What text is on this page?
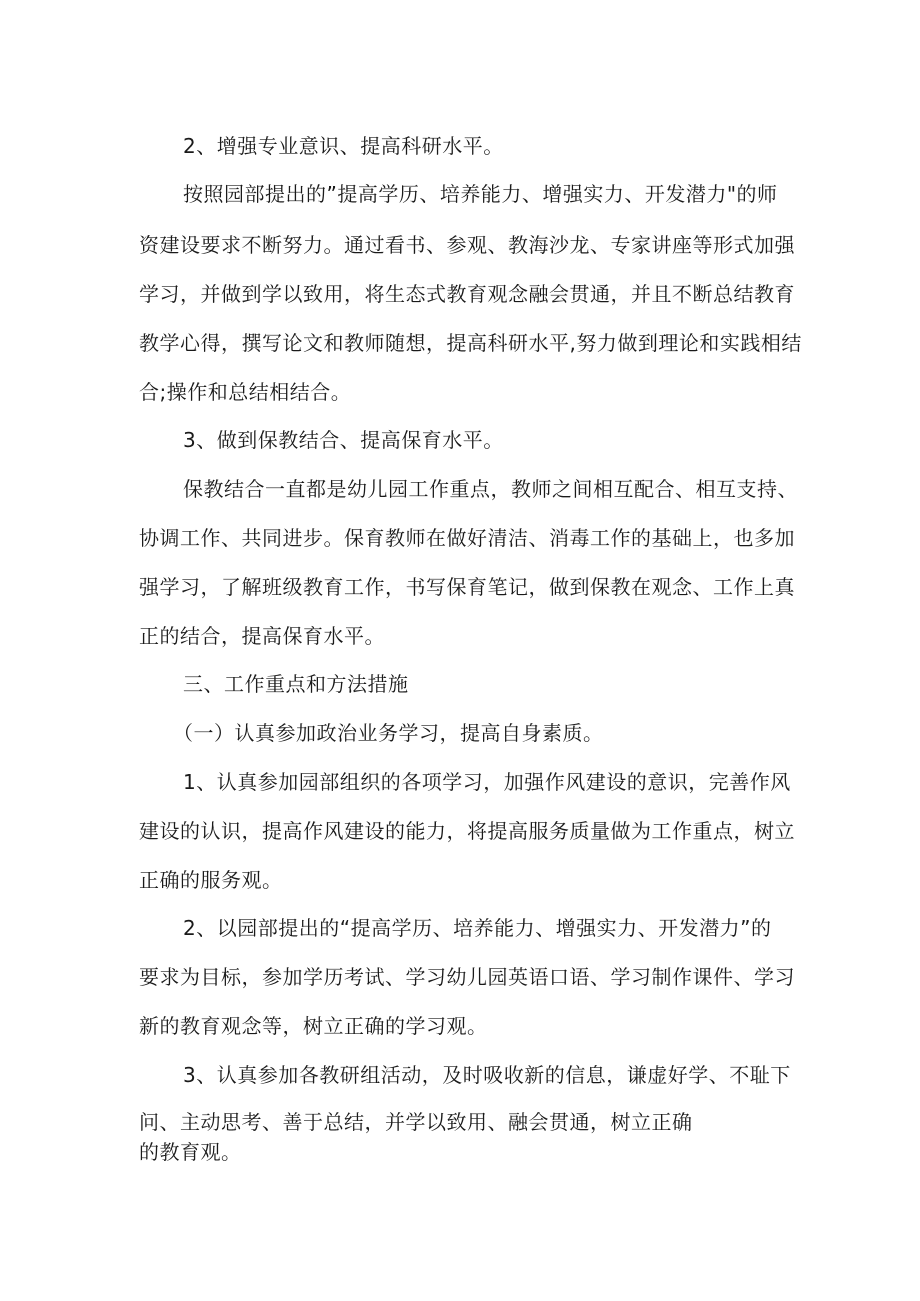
2、增强专业意识、提高科研水平。

按照园部提出的”提高学历、培养能力、增强实力、开发潜力"的师

资建设要求不断努力。通过看书、参观、教海沙龙、专家讲座等形式加强

学习，并做到学以致用，将生态式教育观念融会贯通，并且不断总结教育

教学心得，撰写论文和教师随想，提高科研水平,努力做到理论和实践相结

合;操作和总结相结合。

3、做到保教结合、提高保育水平。

保教结合一直都是幼儿园工作重点，教师之间相互配合、相互支持、

协调工作、共同进步。保育教师在做好清洁、消毒工作的基础上，也多加

强学习，了解班级教育工作，书写保育笔记，做到保教在观念、工作上真

正的结合，提高保育水平。

三、工作重点和方法措施

（一）认真参加政治业务学习，提高自身素质。

1、认真参加园部组织的各项学习，加强作风建设的意识，完善作风

建设的认识，提高作风建设的能力，将提高服务质量做为工作重点，树立

正确的服务观。

2、以园部提出的“提高学历、培养能力、增强实力、开发潜力”的

要求为目标，参加学历考试、学习幼儿园英语口语、学习制作课件、学习

新的教育观念等，树立正确的学习观。

3、认真参加各教研组活动，及时吸收新的信息，谦虚好学、不耻下

问、主动思考、善于总结，并学以致用、融会贯通，树立正确

的教育观。
